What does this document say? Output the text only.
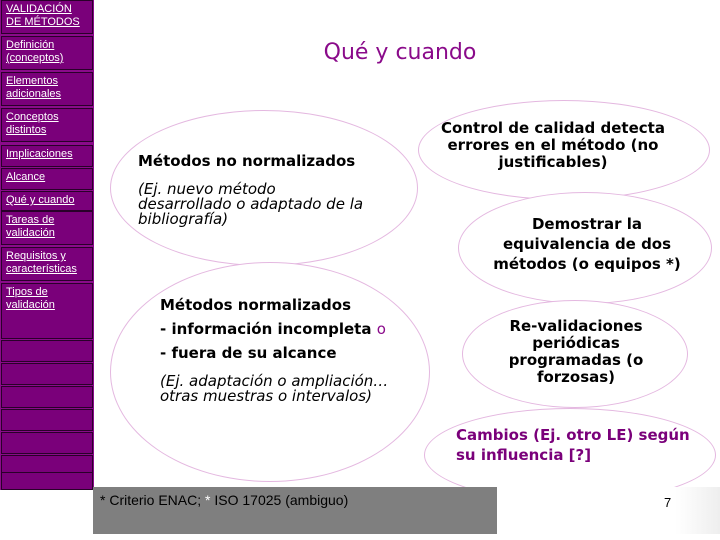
VALIDACIÓN DE MÉTODOS
Definición (conceptos)
Elementos adicionales
Conceptos distintos
Implicaciones
Alcance
Qué y cuando
Tareas de validación
Requisitos y características
Tipos de validación
Qué y cuando
Métodos no normalizados
(Ej. nuevo método desarrollado o adaptado de la bibliografía)
Métodos normalizados
- información incompleta o
- fuera de su alcance
(Ej. adaptación o ampliación… otras muestras o intervalos)
Control de calidad detecta errores en el método (no justificables)
Demostrar la equivalencia de dos métodos (o equipos *)
Re-validaciones periódicas programadas (o forzosas)
Cambios (Ej. otro LE) según su influencia [?]
* Criterio ENAC; * ISO 17025 (ambiguo)	7
